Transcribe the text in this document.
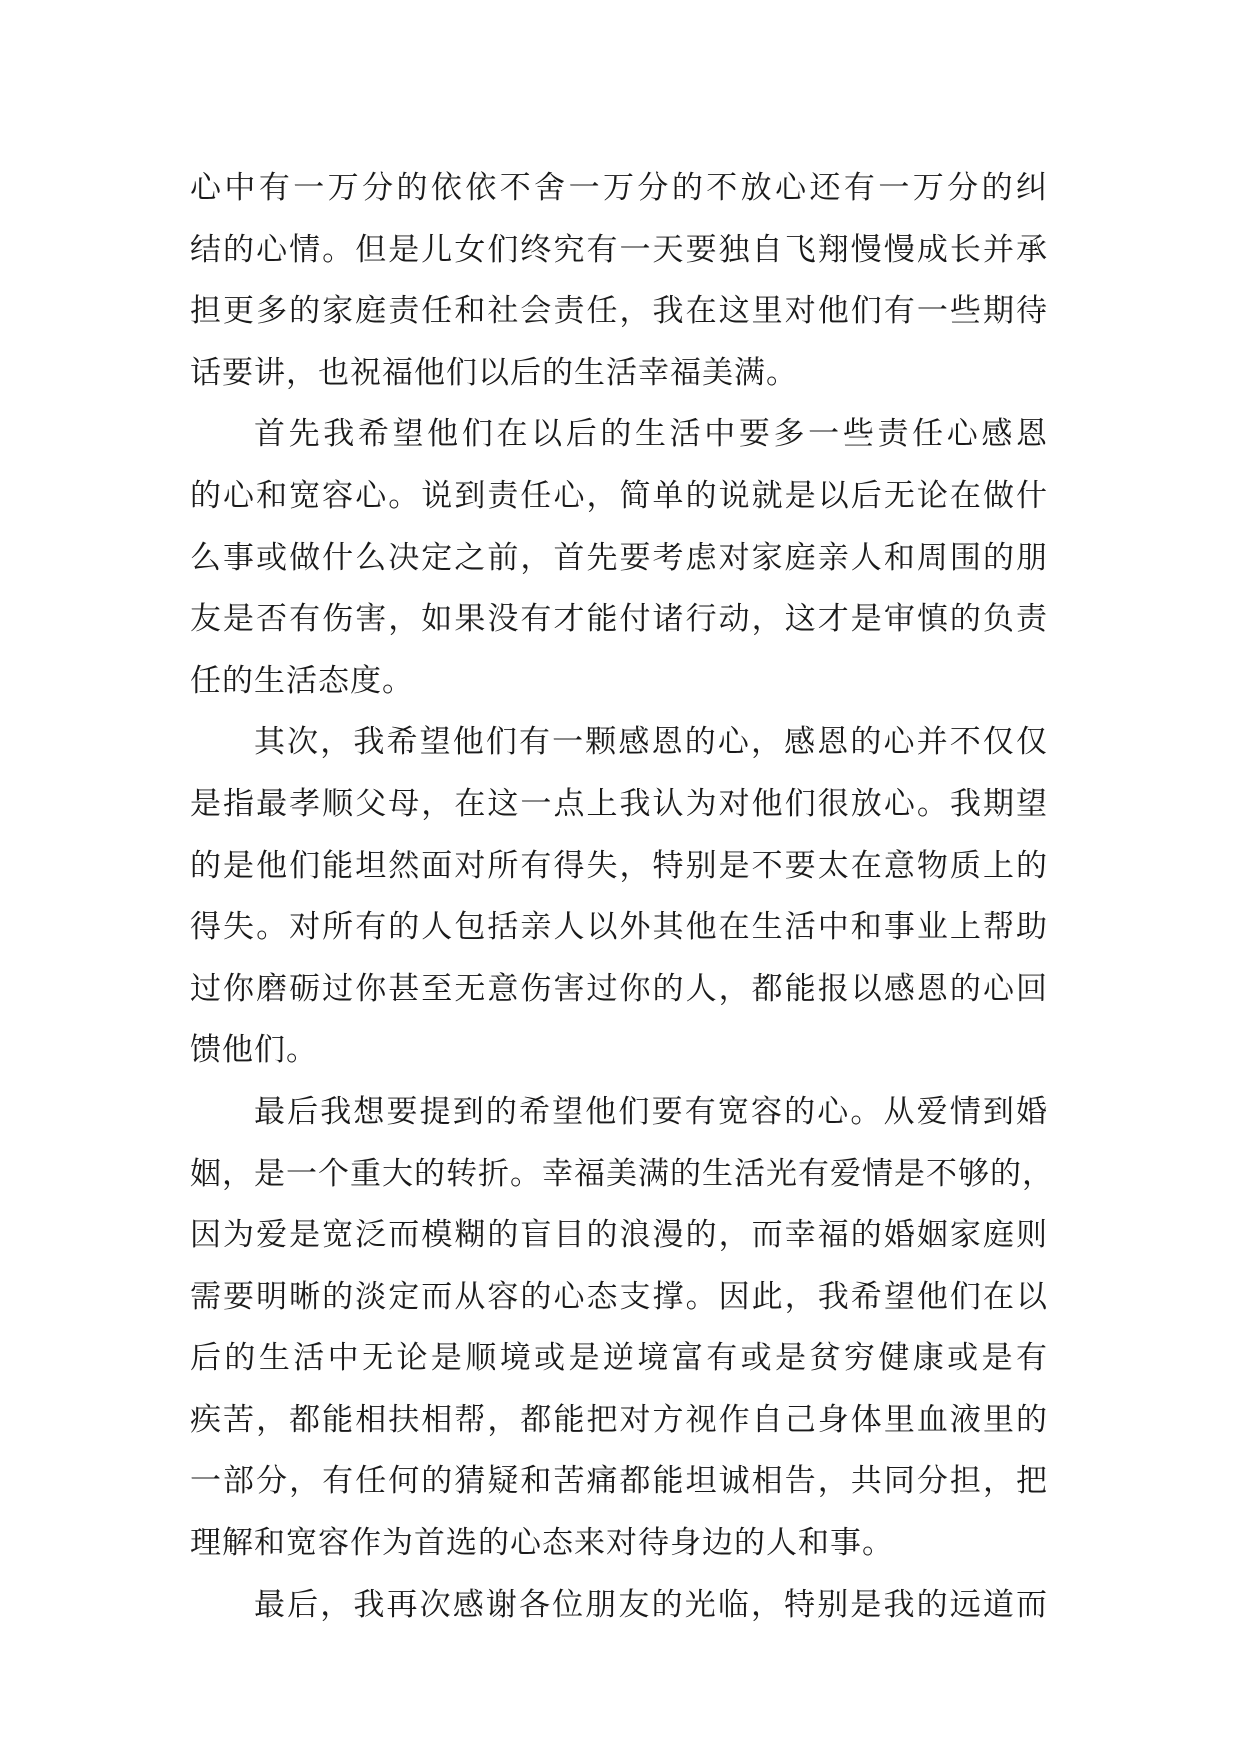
心中有一万分的依依不舍一万分的不放心还有一万分的纠
结的心情。但是儿女们终究有一天要独自飞翔慢慢成长并承
担更多的家庭责任和社会责任，我在这里对他们有一些期待
话要讲，也祝福他们以后的生活幸福美满。
首先我希望他们在以后的生活中要多一些责任心感恩
的心和宽容心。说到责任心，简单的说就是以后无论在做什
么事或做什么决定之前，首先要考虑对家庭亲人和周围的朋
友是否有伤害，如果没有才能付诸行动，这才是审慎的负责
任的生活态度。
其次，我希望他们有一颗感恩的心，感恩的心并不仅仅
是指最孝顺父母，在这一点上我认为对他们很放心。我期望
的是他们能坦然面对所有得失，特别是不要太在意物质上的
得失。对所有的人包括亲人以外其他在生活中和事业上帮助
过你磨砺过你甚至无意伤害过你的人，都能报以感恩的心回
馈他们。
最后我想要提到的希望他们要有宽容的心。从爱情到婚
姻，是一个重大的转折。幸福美满的生活光有爱情是不够的，
因为爱是宽泛而模糊的盲目的浪漫的，而幸福的婚姻家庭则
需要明晰的淡定而从容的心态支撑。因此，我希望他们在以
后的生活中无论是顺境或是逆境富有或是贫穷健康或是有
疾苦，都能相扶相帮，都能把对方视作自己身体里血液里的
一部分，有任何的猜疑和苦痛都能坦诚相告，共同分担，把
理解和宽容作为首选的心态来对待身边的人和事。
最后，我再次感谢各位朋友的光临，特别是我的远道而
